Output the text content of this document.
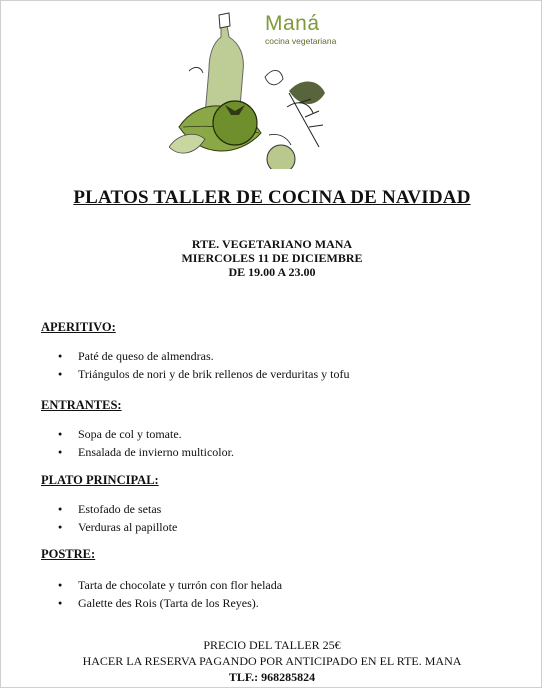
Maná
cocina vegetariana
PLATOS TALLER DE COCINA DE NAVIDAD
RTE. VEGETARIANO MANA
MIERCOLES 11 DE DICIEMBRE
DE 19.00 A 23.00
APERITIVO:
● Paté de queso de almendras.
● Triángulos de nori y de brik rellenos de verduritas y tofu
ENTRANTES:
● Sopa de col y tomate.
● Ensalada de invierno multicolor.
PLATO PRINCIPAL:
● Estofado de setas
● Verduras al papillote
POSTRE:
● Tarta de chocolate y turrón con flor helada
● Galette des Rois (Tarta de los Reyes).
PRECIO DEL TALLER 25€
HACER LA RESERVA PAGANDO POR ANTICIPADO EN EL RTE. MANA
TLF.: 968285824
